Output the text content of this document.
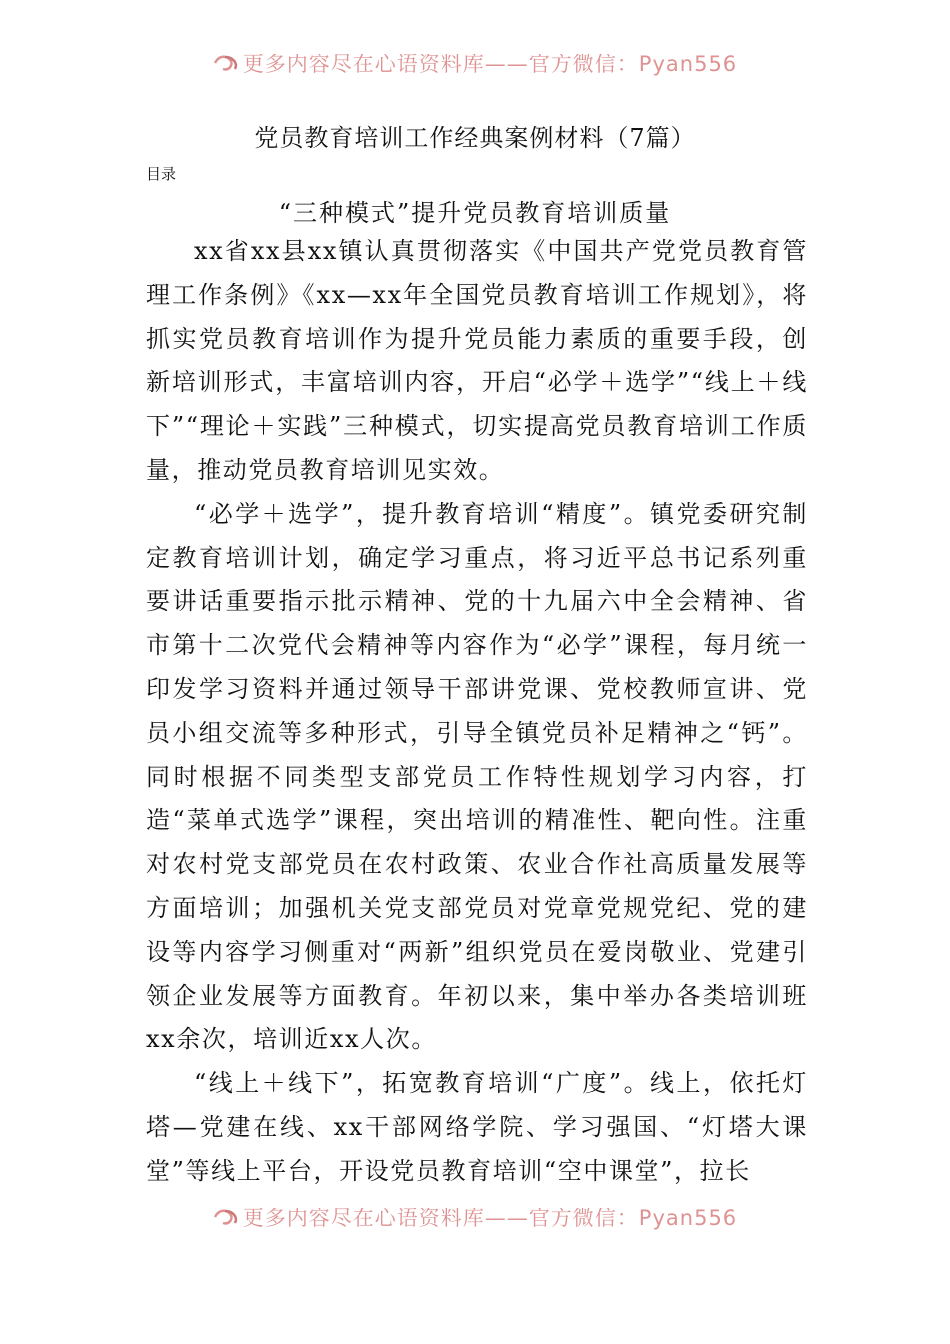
更多内容尽在心语资料库——官方微信：Pyan556
党员教育培训工作经典案例材料（7篇）
目录
“三种模式”提升党员教育培训质量

xx省xx县xx镇认真贯彻落实《中国共产党党员教育管理工作条例》《xx—xx年全国党员教育培训工作规划》，将抓实党员教育培训作为提升党员能力素质的重要手段，创新培训形式，丰富培训内容，开启“必学＋选学”“线上＋线下”“理论＋实践”三种模式，切实提高党员教育培训工作质量，推动党员教育培训见实效。

“必学＋选学”，提升教育培训“精度”。镇党委研究制定教育培训计划，确定学习重点，将习近平总书记系列重要讲话重要指示批示精神、党的十九届六中全会精神、省市第十二次党代会精神等内容作为“必学”课程，每月统一印发学习资料并通过领导干部讲党课、党校教师宣讲、党员小组交流等多种形式，引导全镇党员补足精神之“钙”。同时根据不同类型支部党员工作特性规划学习内容，打造“菜单式选学”课程，突出培训的精准性、靶向性。注重对农村党支部党员在农村政策、农业合作社高质量发展等方面培训；加强机关党支部党员对党章党规党纪、党的建设等内容学习侧重对“两新”组织党员在爱岗敬业、党建引领企业发展等方面教育。年初以来，集中举办各类培训班xx余次，培训近xx人次。

“线上＋线下”，拓宽教育培训“广度”。线上，依托灯塔—党建在线、xx干部网络学院、学习强国、“灯塔大课堂”等线上平台，开设党员教育培训“空中课堂”，拉长

更多内容尽在心语资料库——官方微信：Pyan556
